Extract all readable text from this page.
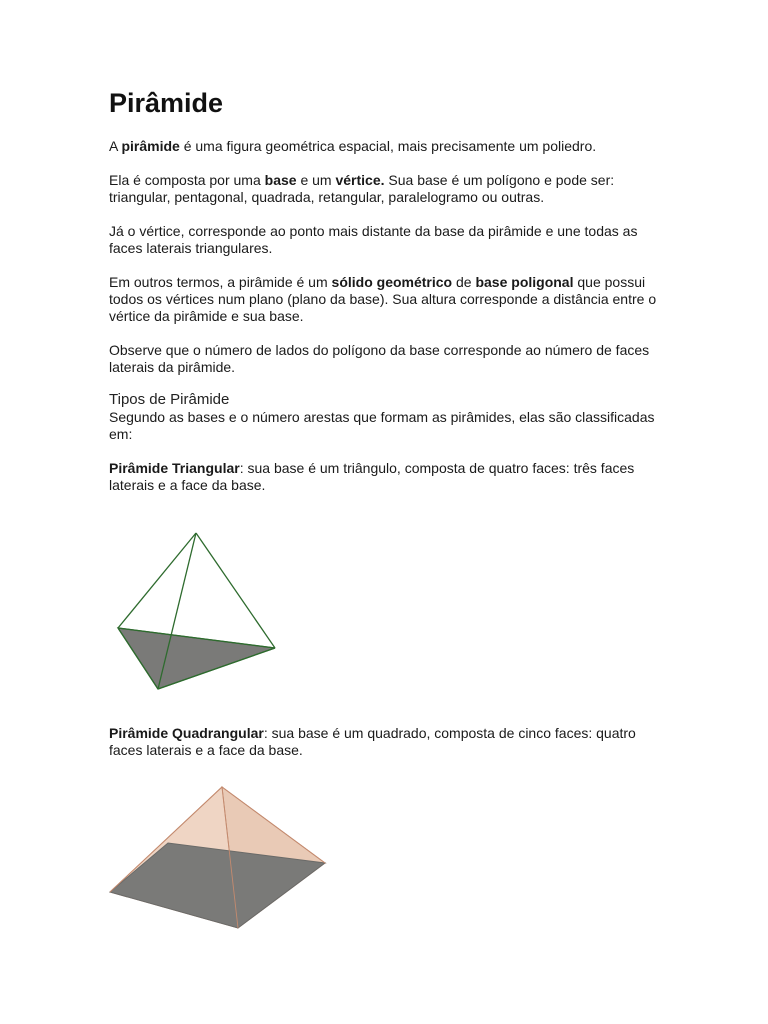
Pirâmide

A pirâmide é uma figura geométrica espacial, mais precisamente um poliedro.

Ela é composta por uma base e um vértice. Sua base é um polígono e pode ser: triangular, pentagonal, quadrada, retangular, paralelogramo ou outras.

Já o vértice, corresponde ao ponto mais distante da base da pirâmide e une todas as faces laterais triangulares.

Em outros termos, a pirâmide é um sólido geométrico de base poligonal que possui todos os vértices num plano (plano da base). Sua altura corresponde a distância entre o vértice da pirâmide e sua base.

Observe que o número de lados do polígono da base corresponde ao número de faces laterais da pirâmide.

Tipos de Pirâmide

Segundo as bases e o número arestas que formam as pirâmides, elas são classificadas em:

Pirâmide Triangular: sua base é um triângulo, composta de quatro faces: três faces laterais e a face da base.

Pirâmide Quadrangular: sua base é um quadrado, composta de cinco faces: quatro faces laterais e a face da base.
